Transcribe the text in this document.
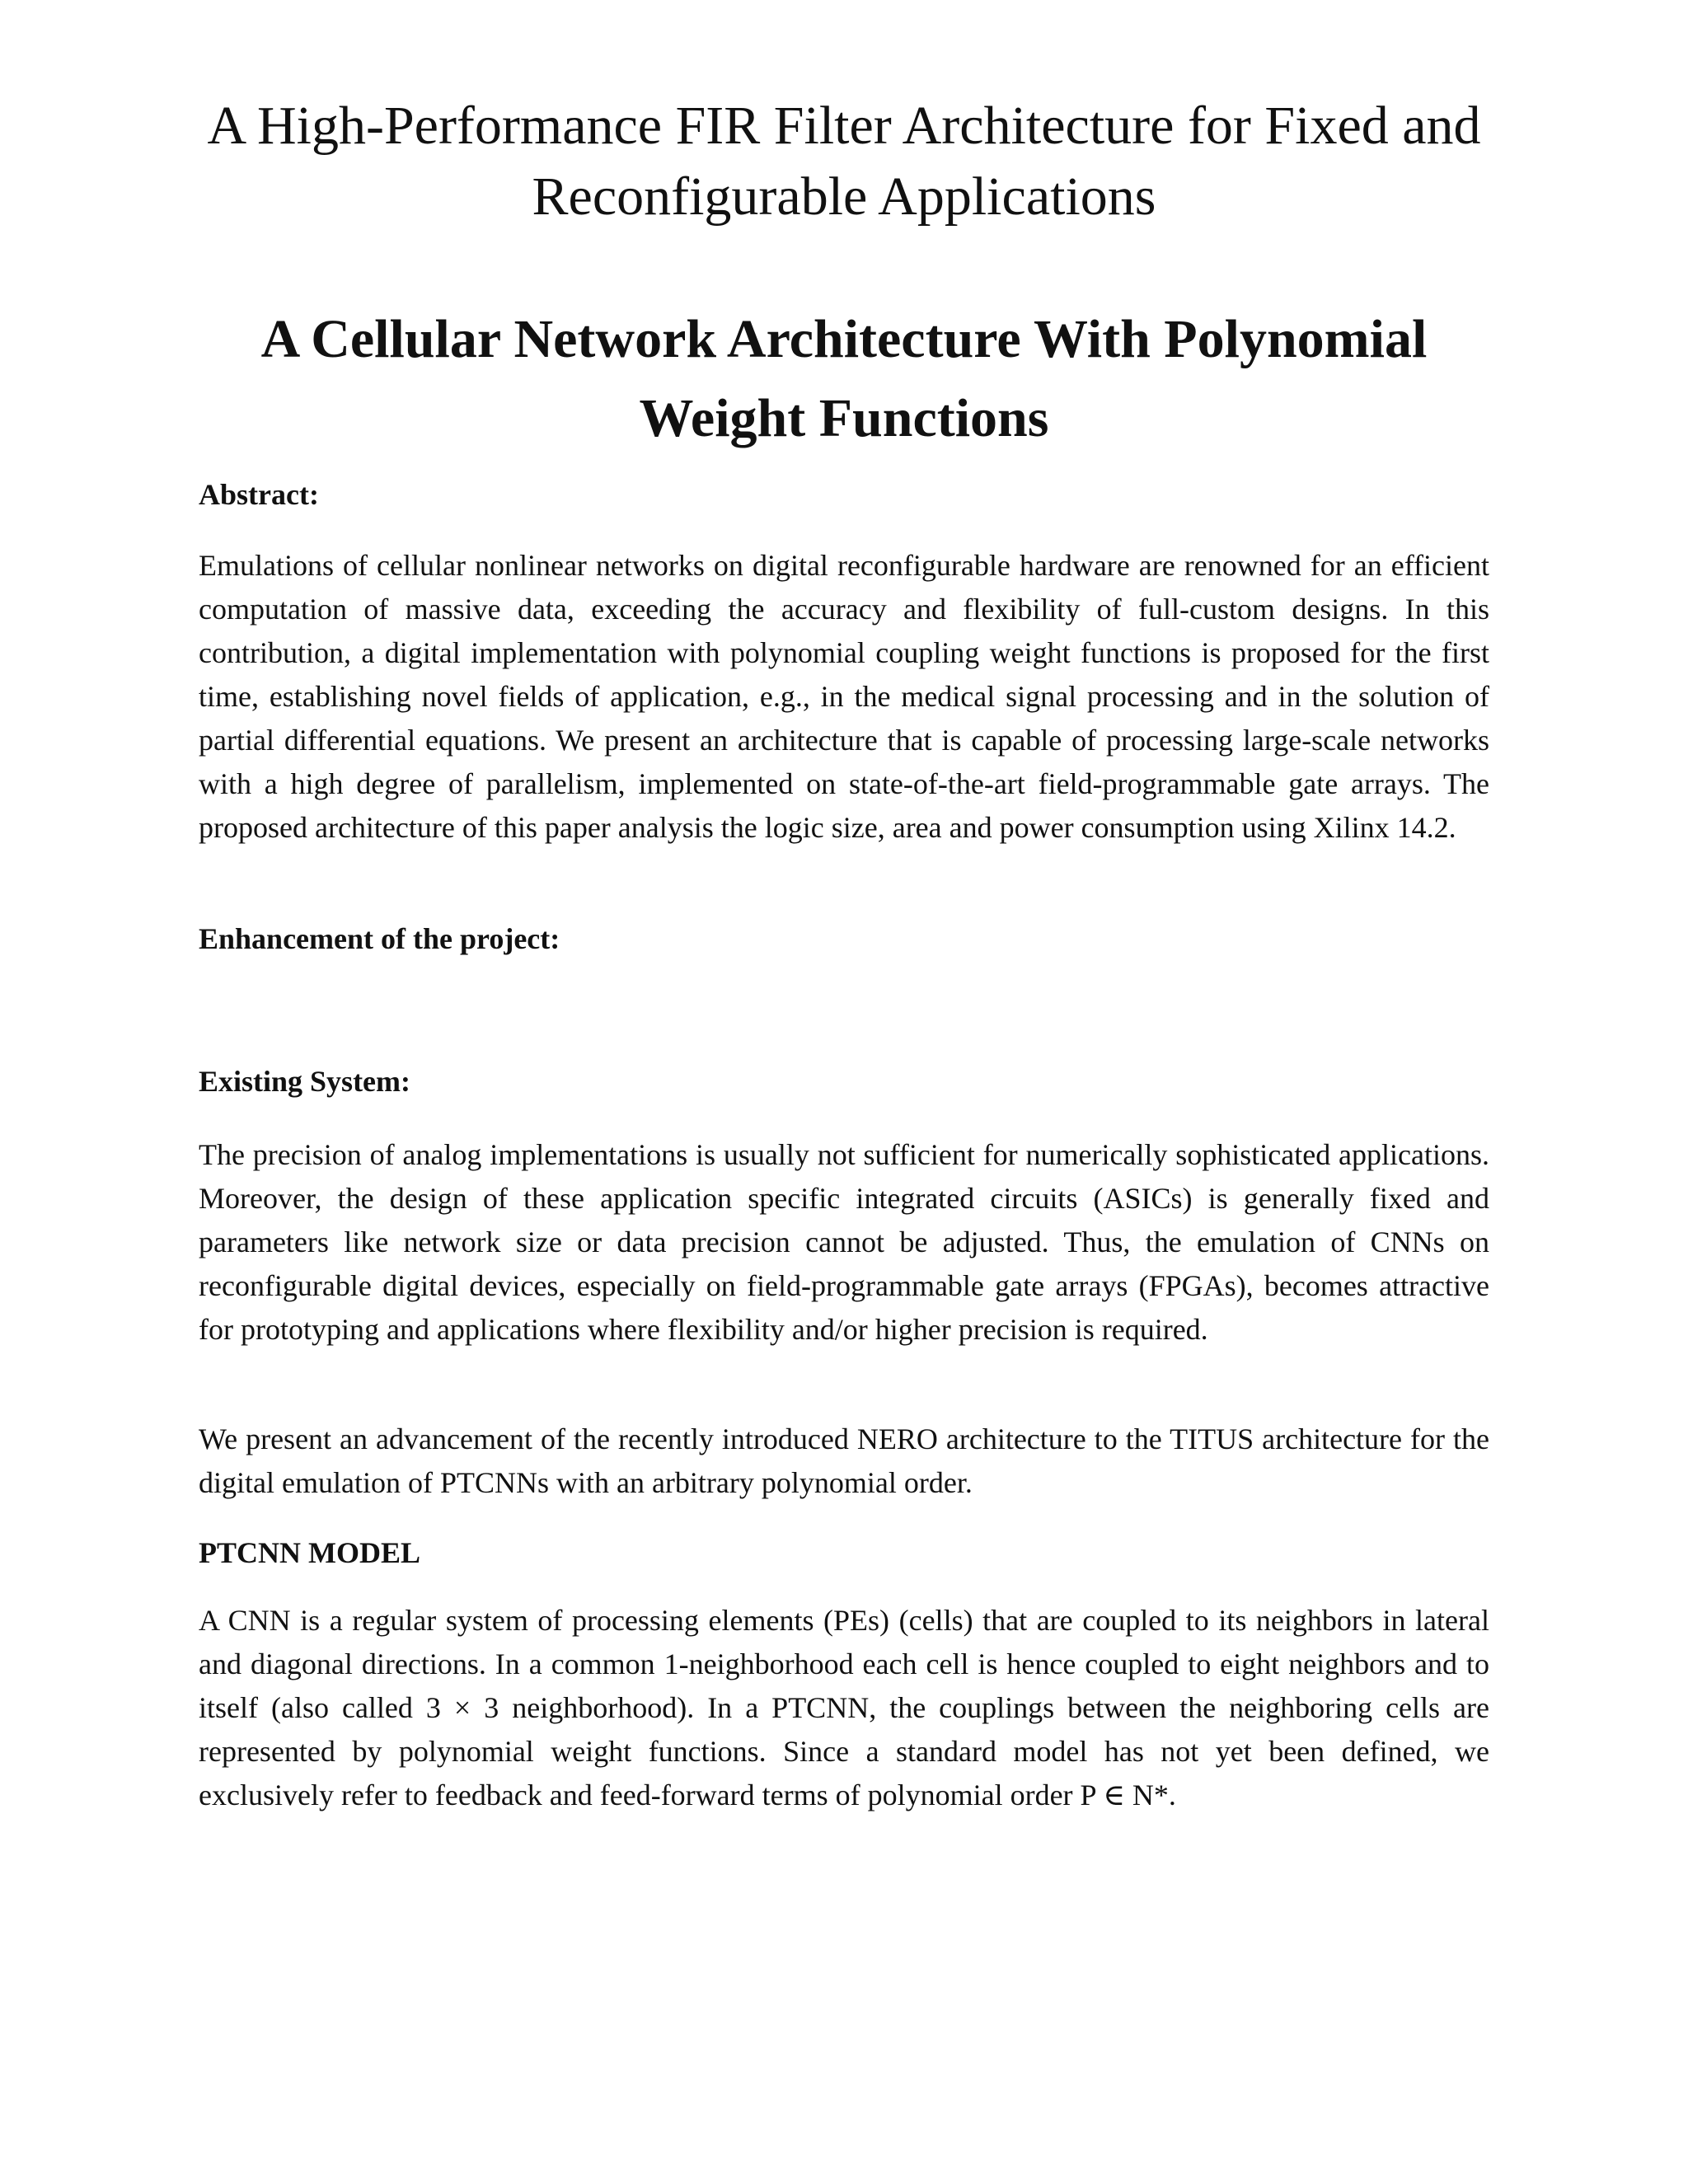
A High-Performance FIR Filter Architecture for Fixed and Reconfigurable Applications
A Cellular Network Architecture With Polynomial Weight Functions
Abstract:

Emulations of cellular nonlinear networks on digital reconfigurable hardware are renowned for an efficient computation of massive data, exceeding the accuracy and flexibility of full-custom designs. In this contribution, a digital implementation with polynomial coupling weight functions is proposed for the first time, establishing novel fields of application, e.g., in the medical signal processing and in the solution of partial differential equations. We present an architecture that is capable of processing large-scale networks with a high degree of parallelism, implemented on state-of-the-art field-programmable gate arrays. The proposed architecture of this paper analysis the logic size, area and power consumption using Xilinx 14.2.

Enhancement of the project:
Existing System:

The precision of analog implementations is usually not sufficient for numerically sophisticated applications. Moreover, the design of these application specific integrated circuits (ASICs) is generally fixed and parameters like network size or data precision cannot be adjusted. Thus, the emulation of CNNs on reconfigurable digital devices, especially on field-programmable gate arrays (FPGAs), becomes attractive for prototyping and applications where flexibility and/or higher precision is required.

We present an advancement of the recently introduced NERO architecture to the TITUS architecture for the digital emulation of PTCNNs with an arbitrary polynomial order.

PTCNN MODEL

A CNN is a regular system of processing elements (PEs) (cells) that are coupled to its neighbors in lateral and diagonal directions. In a common 1-neighborhood each cell is hence coupled to eight neighbors and to itself (also called 3 × 3 neighborhood). In a PTCNN, the couplings between the neighboring cells are represented by polynomial weight functions. Since a standard model has not yet been defined, we exclusively refer to feedback and feed-forward terms of polynomial order P ∈ N*.
